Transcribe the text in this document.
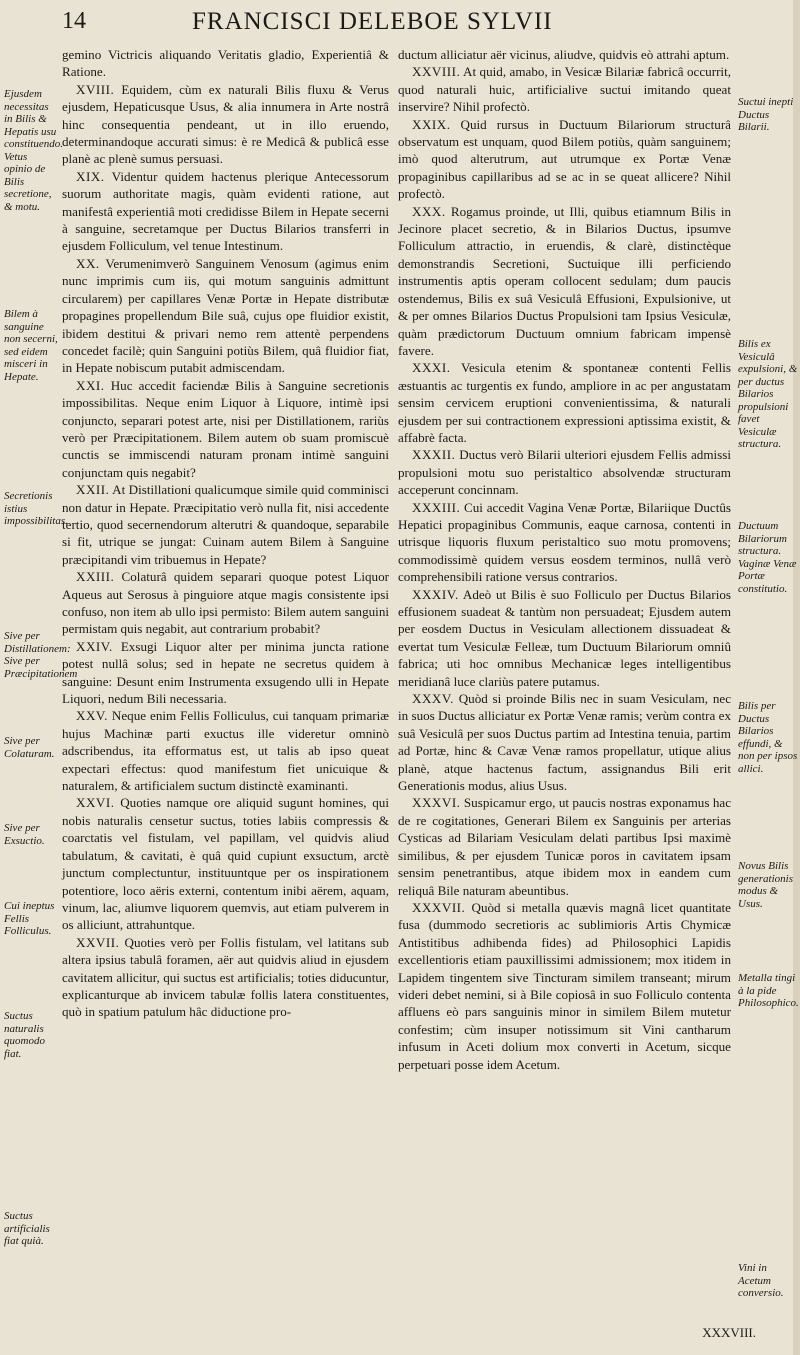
14	FRANCISCI DELEBOE SYLVII

gemino Victricis aliquando Veritatis gladio, Experientiâ & Ratione.

XVIII. Equidem, cùm ex naturali Bilis fluxu & Verus ejusdem, Hepaticusque Usus, & alia innumera in Arte nostrâ hinc consequentia pendeant, ut in illo eruendo, determinandoque accurati simus: è re Medicâ & publicâ esse planè ac plenè sumus persuasi.

XIX. Videntur quidem hactenus plerique Antecessorum suorum authoritate magis, quàm evidenti ratione, aut manifestâ experientiâ moti credidisse Bilem in Hepate secerni à sanguine, secretamque per Ductus Bilarios transferri in ejusdem Folliculum, vel tenue Intestinum.

XX. Verumenimverò Sanguinem Venosum (agimus enim nunc imprimis cum iis, qui motum sanguinis admittunt circularem) per capillares Venæ Portæ in Hepate distributæ propagines propellendum Bile suâ, cujus ope fluidior existit, ibidem destitui & privari nemo rem attentè perpendens concedet facilè; quin Sanguini potiùs Bilem, quâ fluidior fiat, in Hepate nobiscum putabit admiscendam.

XXI. Huc accedit faciendæ Bilis à Sanguine secretionis impossibilitas. Neque enim Liquor à Liquore, intimè ipsi conjuncto, separari potest arte, nisi per Distillationem, rariùs verò per Præcipitationem. Bilem autem ob suam promiscuè cunctis se immiscendi naturam pronam intimè sanguini conjunctam quis negabit?

XXII. At Distillationi qualicumque simile quid comminisci non datur in Hepate. Præcipitatio verò nulla fit, nisi accedente tertio, quod secernendorum alterutri & quandoque, separabile si fit, utrique se jungat: Cuinam autem Bilem à Sanguine præcipitandi vim tribuemus in Hepate?

XXIII. Colaturâ quidem separari quoque potest Liquor Aqueus aut Serosus à pinguiore atque magis consistente ipsi confuso, non item ab ullo ipsi permisto: Bilem autem sanguini permistam quis negabit, aut contrarium probabit?

XXIV. Exsugi Liquor alter per minima juncta ratione potest nullâ solus; sed in hepate ne secretus quidem à sanguine: Desunt enim Instrumenta exsugendo ulli in Hepate Liquori, nedum Bili necessaria.

XXV. Neque enim Fellis Folliculus, cui tanquam primariæ hujus Machinæ parti exuctus ille videretur omninò adscribendus, ita efformatus est, ut talis ab ipso queat expectari effectus: quod manifestum fiet unicuique & naturalem, & artificialem suctum distinctè examinanti.

XXVI. Quoties namque ore aliquid sugunt homines, qui nobis naturalis censetur suctus, toties labiis compressis & coarctatis vel fistulam, vel papillam, vel quidvis aliud tabulatum, & cavitati, è quâ quid cupiunt exsuctum, arctè junctum complectuntur, instituuntque per os inspirationem potentiore, loco aëris externi, contentum inibi aërem, aquam, vinum, lac, aliumve liquorem quemvis, aut etiam pulverem in os alliciunt, attrahuntque.

XXVII. Quoties verò per Follis fistulam, vel latitans sub altera ipsius tabulâ foramen, aër aut quidvis aliud in ejusdem cavitatem allicitur, qui suctus est artificialis; toties diducuntur, explicanturque ab invicem tabulæ follis latera constituentes, quò in spatium patulum hâc diductione pro-

ductum alliciatur aër vicinus, aliudve, quidvis eò attrahi aptum.

XXVIII. At quid, amabo, in Vesicæ Bilariæ fabricâ occurrit, quod naturali huic, artificialive suctui imitando queat inservire? Nihil profectò.

XXIX. Quid rursus in Ductuum Bilariorum structurâ observatum est unquam, quod Bilem potiùs, quàm sanguinem; imò quod alterutrum, aut utrumque ex Portæ Venæ propaginibus capillaribus ad se ac in se queat allicere? Nihil profectò.

XXX. Rogamus proinde, ut Illi, quibus etiamnum Bilis in Jecinore placet secretio, & in Bilarios Ductus, ipsumve Folliculum attractio, in eruendis, & clarè, distinctèque demonstrandis Secretioni, Suctuique illi perficiendo instrumentis aptis operam collocent sedulam; dum paucis ostendemus, Bilis ex suâ Vesiculâ Effusioni, Expulsionive, ut & per omnes Bilarios Ductus Propulsioni tam Ipsius Vesiculæ, quàm prædictorum Ductuum omnium fabricam impensè favere.

XXXI. Vesicula etenim & spontaneæ contenti Fellis æstuantis ac turgentis ex fundo, ampliore in ac per angustatam sensim cervicem eruptioni convenientissima, & naturali ejusdem per sui contractionem expressioni aptissima existit, & affabrè facta.

XXXII. Ductus verò Bilarii ulteriori ejusdem Fellis admissi propulsioni motu suo peristaltico absolvendæ structuram acceperunt concinnam.

XXXIII. Cui accedit Vagina Venæ Portæ, Bilariique Ductûs Hepatici propaginibus Communis, eaque carnosa, contenti in utrisque liquoris fluxum peristaltico suo motu promovens; commodissimè quidem versus eosdem terminos, nullâ verò comprehensibili ratione versus contrarios.

XXXIV. Adeò ut Bilis è suo Folliculo per Ductus Bilarios effusionem suadeat & tantùm non persuadeat; Ejusdem autem per eosdem Ductus in Vesiculam allectionem dissuadeat & evertat tum Vesiculæ Felleæ, tum Ductuum Bilariorum omniû fabrica; uti hoc omnibus Mechanicæ leges intelligentibus meridianâ luce clariùs patere putamus.

XXXV. Quòd si proinde Bilis nec in suam Vesiculam, nec in suos Ductus alliciatur ex Portæ Venæ ramis; verùm contra ex suâ Vesiculâ per suos Ductus partim ad Intestina tenuia, partim ad Portæ, hinc & Cavæ Venæ ramos propellatur, utique alius planè, atque hactenus factum, assignandus Bili erit Generationis modus, alius Usus.

XXXVI. Suspicamur ergo, ut paucis nostras exponamus hac de re cogitationes, Generari Bilem ex Sanguinis per arterias Cysticas ad Bilariam Vesiculam delati partibus Ipsi maximè similibus, & per ejusdem Tunicæ poros in cavitatem ipsam sensim penetrantibus, atque ibidem mox in eandem cum reliquâ Bile naturam abeuntibus.

XXXVII. Quòd si metalla quævis magnâ licet quantitate fusa (dummodo secretioris ac sublimioris Artis Chymicæ Antistitibus adhibenda fides) ad Philosophici Lapidis excellentioris etiam pauxillissimi admissionem; mox itidem in Lapidem tingentem sive Tincturam similem transeant; mirum videri debet nemini, si à Bile copiosâ in suo Folliculo contenta affluens eò pars sanguinis minor in similem Bilem mutetur confestim; cùm insuper notissimum sit Vini cantharum infusum in Aceti dolium mox converti in Acetum, sicque perpetuari posse idem Acetum.

Ejusdem necessitas in Bilis & Hepatis usu constituendo. Vetus opinio de Bilis secretione, & motu.
Bilem à sanguine non secerni, sed eidem misceri in Hepate.
Secretionis istius impossibilitas.
Sive per Distillationem: Sive per Præcipitationem
Sive per Colaturam.
Sive per Exsuctio.
Cui ineptus Fellis Folliculus.
Suctus naturalis quomodo fiat.
Suctus artificialis fiat quià.
Suctui inepti Ductus Bilarii.
Bilis ex Vesiculâ expulsioni, & per ductus Bilarios propulsioni favet Vesiculæ structura.
Ductuum Bilariorum structura. Vaginæ Venæ Portæ constitutio.
Bilis per Ductus Bilarios effundi, & non per ipsos allici.
Novus Bilis generationis modus & Usus.
Metalla tingi à la pide Philosophico.
Vini in Acetum conversio.
XXXVIII.
